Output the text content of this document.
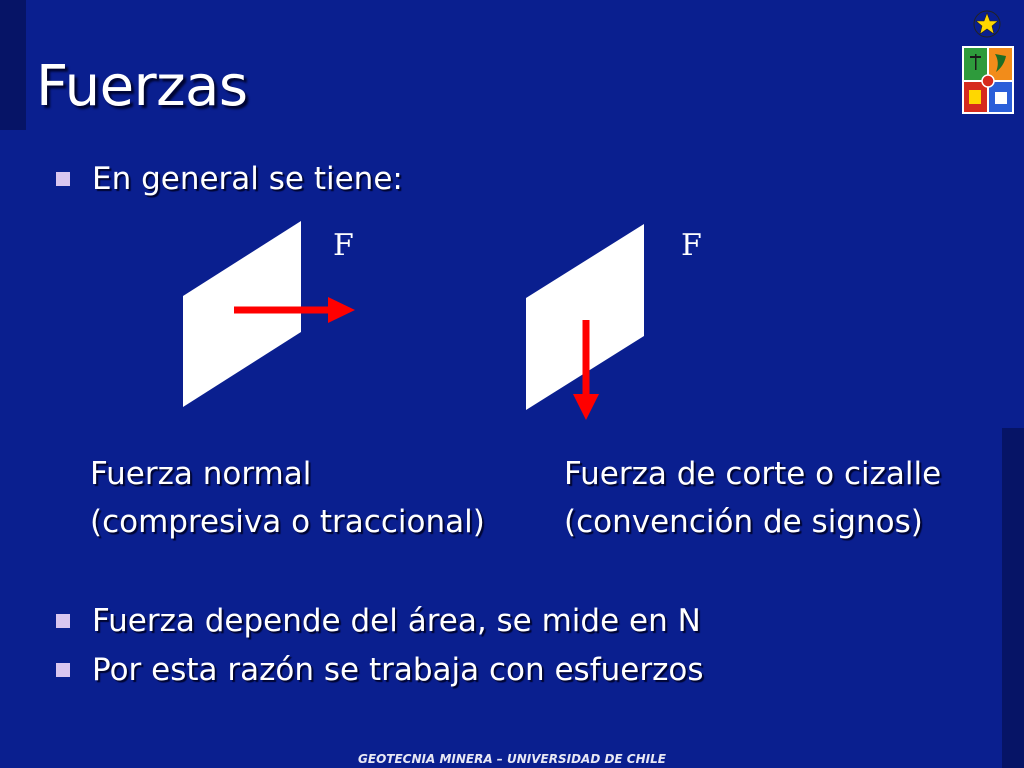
Fuerzas
En general se tiene:
F	F
Fuerza normal
(compresiva o traccional)
Fuerza de corte o cizalle
(convención de signos)
Fuerza depende del área, se mide en N
Por esta razón se trabaja con esfuerzos
GEOTECNIA MINERA – UNIVERSIDAD DE CHILE
